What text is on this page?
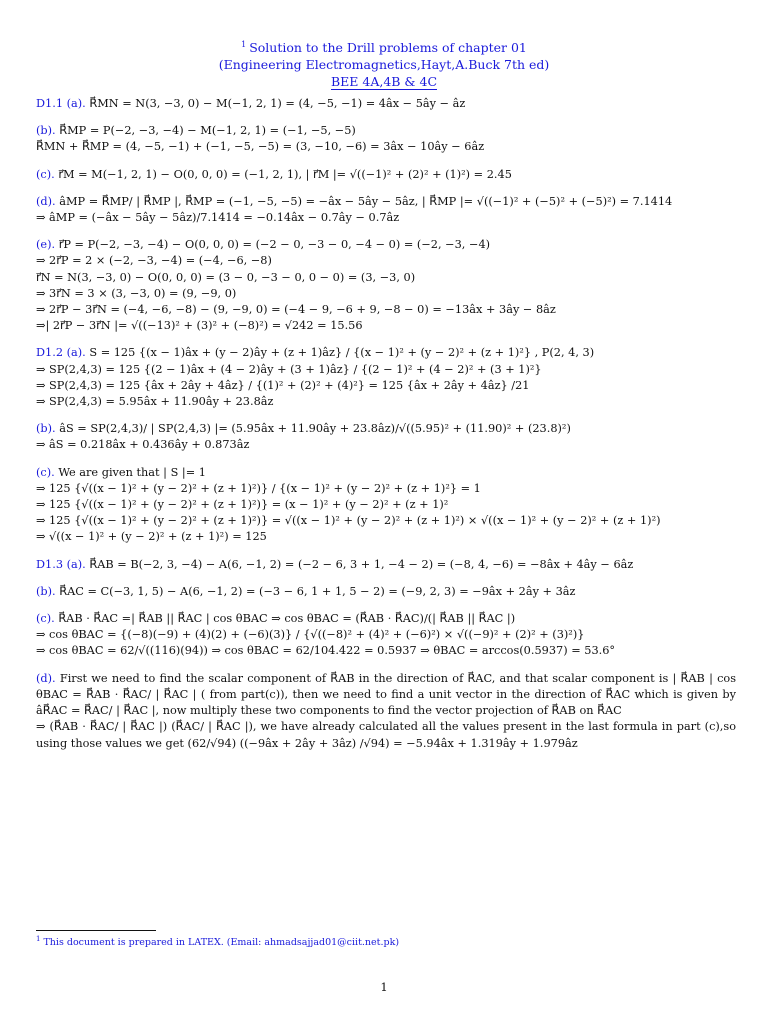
$^1$ Solution to the Drill problems of chapter 01
(Engineering Electromagnetics,Hayt,A.Buck 7th ed)
BEE 4A,4B & 4C
D1.1 (a). R⃗MN = N(3, −3, 0) − M(−1, 2, 1) = (4, −5, −1) = 4âx − 5ây − âz
(b). R⃗MP = P(−2, −3, −4) − M(−1, 2, 1) = (−1, −5, −5)
R⃗MN + R⃗MP = (4, −5, −1) + (−1, −5, −5) = (3, −10, −6) = 3âx − 10ây − 6âz
(c). r⃗M = M(−1, 2, 1) − O(0, 0, 0) = (−1, 2, 1), | r⃗M |= √((−1)² + (2)² + (1)²) = 2.45
(d). âMP = R⃗MP/ | R⃗MP |, R⃗MP = (−1, −5, −5) = −âx − 5ây − 5âz, | R⃗MP |= √((−1)² + (−5)² + (−5)²) = 7.1414
⇒ âMP = (−âx − 5ây − 5âz)/7.1414 = −0.14âx − 0.7ây − 0.7âz
(e). r⃗P = P(−2, −3, −4) − O(0, 0, 0) = (−2 − 0, −3 − 0, −4 − 0) = (−2, −3, −4)
⇒ 2r⃗P = 2 × (−2, −3, −4) = (−4, −6, −8)
r⃗N = N(3, −3, 0) − O(0, 0, 0) = (3 − 0, −3 − 0, 0 − 0) = (3, −3, 0)
⇒ 3r⃗N = 3 × (3, −3, 0) = (9, −9, 0)
⇒ 2r⃗P − 3r⃗N = (−4, −6, −8) − (9, −9, 0) = (−4 − 9, −6 + 9, −8 − 0) = −13âx + 3ây − 8âz
⇒| 2r⃗P − 3r⃗N |= √((−13)² + (3)² + (−8)²) = √242 = 15.56
D1.2 (a). S = 125 {(x − 1)âx + (y − 2)ây + (z + 1)âz} / {(x − 1)² + (y − 2)² + (z + 1)²} , P(2, 4, 3)
⇒ SP(2,4,3) = 125 {(2 − 1)âx + (4 − 2)ây + (3 + 1)âz} / {(2 − 1)² + (4 − 2)² + (3 + 1)²}
⇒ SP(2,4,3) = 125 {âx + 2ây + 4âz} / {(1)² + (2)² + (4)²} = 125 {âx + 2ây + 4âz} /21
⇒ SP(2,4,3) = 5.95âx + 11.90ây + 23.8âz
(b). âS = SP(2,4,3)/ | SP(2,4,3) |= (5.95âx + 11.90ây + 23.8âz)/√((5.95)² + (11.90)² + (23.8)²)
⇒ âS = 0.218âx + 0.436ây + 0.873âz
(c). We are given that | S |= 1
⇒ 125 {√((x − 1)² + (y − 2)² + (z + 1)²)} / {(x − 1)² + (y − 2)² + (z + 1)²} = 1
⇒ 125 {√((x − 1)² + (y − 2)² + (z + 1)²)} = (x − 1)² + (y − 2)² + (z + 1)²
⇒ 125 {√((x − 1)² + (y − 2)² + (z + 1)²)} = √((x − 1)² + (y − 2)² + (z + 1)²) × √((x − 1)² + (y − 2)² + (z + 1)²)
⇒ √((x − 1)² + (y − 2)² + (z + 1)²) = 125
D1.3 (a). R⃗AB = B(−2, 3, −4) − A(6, −1, 2) = (−2 − 6, 3 + 1, −4 − 2) = (−8, 4, −6) = −8âx + 4ây − 6âz
(b). R⃗AC = C(−3, 1, 5) − A(6, −1, 2) = (−3 − 6, 1 + 1, 5 − 2) = (−9, 2, 3) = −9âx + 2ây + 3âz
(c). R⃗AB · R⃗AC =| R⃗AB || R⃗AC | cos θBAC ⇒ cos θBAC = (R⃗AB · R⃗AC)/(| R⃗AB || R⃗AC |)
⇒ cos θBAC = {(−8)(−9) + (4)(2) + (−6)(3)} / {√((−8)² + (4)² + (−6)²) × √((−9)² + (2)² + (3)²)}
⇒ cos θBAC = 62/√((116)(94)) ⇒ cos θBAC = 62/104.422 = 0.5937 ⇒ θBAC = arccos(0.5937) = 53.6°
(d). First we need to find the scalar component of R⃗AB in the direction of R⃗AC, and that scalar component is | R⃗AB | cos θBAC = R⃗AB · R⃗AC/ | R⃗AC | ( from part(c)), then we need to find a unit vector in the direction of R⃗AC which is given by âR⃗AC = R⃗AC/ | R⃗AC |, now multiply these two components to find the vector projection of R⃗AB on R⃗AC
⇒ (R⃗AB · R⃗AC/ | R⃗AC |) (R⃗AC/ | R⃗AC |), we have already calculated all the values present in the last formula in part (c),so using those values we get (62/√94) ((−9âx + 2ây + 3âz) /√94) = −5.94âx + 1.319ây + 1.979âz
$^1$ This document is prepared in LATEX. (Email: ahmadsajjad01@ciit.net.pk)
1
